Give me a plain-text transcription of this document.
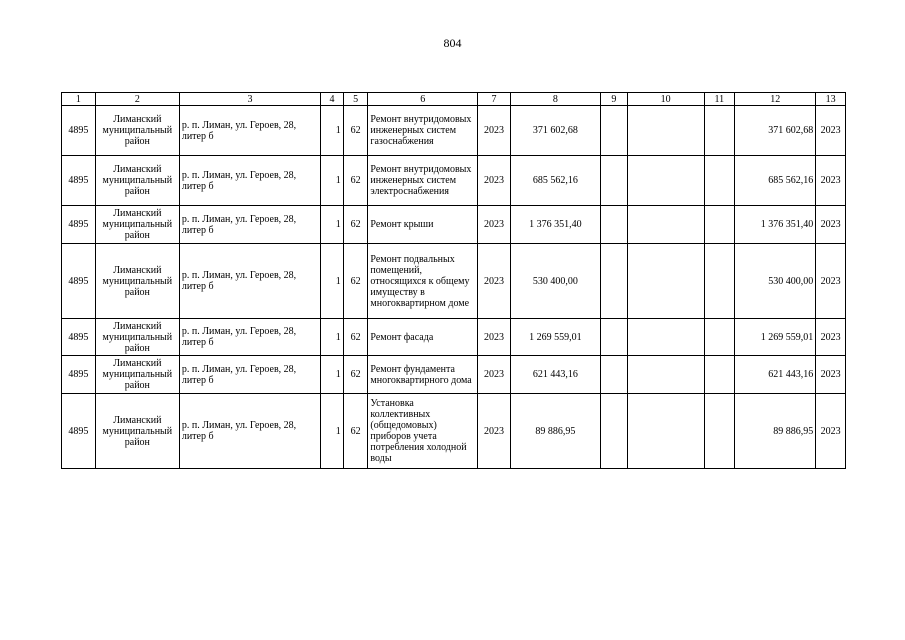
804
1	2	3	4	5	6	7	8	9	10	11	12	13
4895	Лиманский муниципальный район	р. п. Лиман, ул. Героев, 28, литер б	1	62	Ремонт внутридомовых инженерных систем газоснабжения	2023	371 602,68				371 602,68	2023
4895	Лиманский муниципальный район	р. п. Лиман, ул. Героев, 28, литер б	1	62	Ремонт внутридомовых инженерных систем электроснабжения	2023	685 562,16				685 562,16	2023
4895	Лиманский муниципальный район	р. п. Лиман, ул. Героев, 28, литер б	1	62	Ремонт крыши	2023	1 376 351,40				1 376 351,40	2023
4895	Лиманский муниципальный район	р. п. Лиман, ул. Героев, 28, литер б	1	62	Ремонт подвальных помещений, относящихся к общему имуществу в многоквартирном доме	2023	530 400,00				530 400,00	2023
4895	Лиманский муниципальный район	р. п. Лиман, ул. Героев, 28, литер б	1	62	Ремонт фасада	2023	1 269 559,01				1 269 559,01	2023
4895	Лиманский муниципальный район	р. п. Лиман, ул. Героев, 28, литер б	1	62	Ремонт фундамента многоквартирного дома	2023	621 443,16				621 443,16	2023
4895	Лиманский муниципальный район	р. п. Лиман, ул. Героев, 28, литер б	1	62	Установка коллективных (общедомовых) приборов учета потребления холодной воды	2023	89 886,95				89 886,95	2023
